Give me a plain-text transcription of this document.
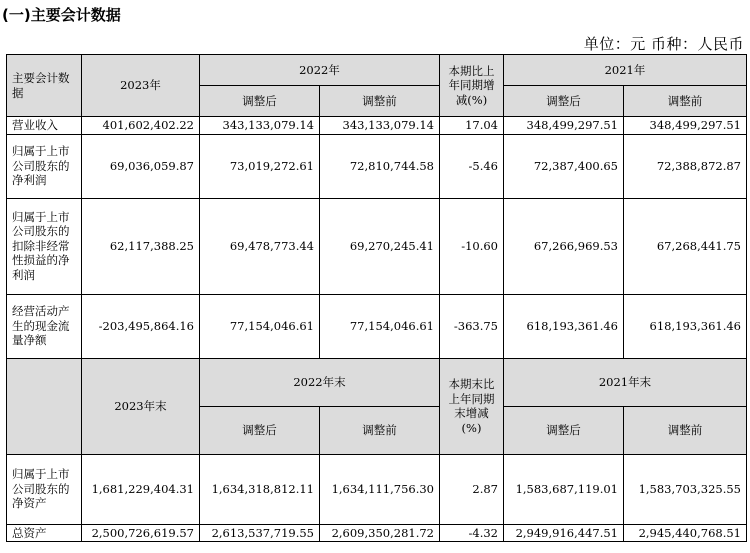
(一)主要会计数据
单位：元 币种：人民币
主要会计数据	2023年	2022年		本期比上年同期增减(%)	2021年	
		调整后	调整前		调整后	调整前
营业收入	401,602,402.22	343,133,079.14	343,133,079.14	17.04	348,499,297.51	348,499,297.51
归属于上市公司股东的净利润	69,036,059.87	73,019,272.61	72,810,744.58	-5.46	72,387,400.65	72,388,872.87
归属于上市公司股东的扣除非经常性损益的净利润	62,117,388.25	69,478,773.44	69,270,245.41	-10.60	67,266,969.53	67,268,441.75
经营活动产生的现金流量净额	-203,495,864.16	77,154,046.61	77,154,046.61	-363.75	618,193,361.46	618,193,361.46
	2023年末	2022年末		本期末比上年同期末增减(%)	2021年末	
		调整后	调整前		调整后	调整前
归属于上市公司股东的净资产	1,681,229,404.31	1,634,318,812.11	1,634,111,756.30	2.87	1,583,687,119.01	1,583,703,325.55
总资产	2,500,726,619.57	2,613,537,719.55	2,609,350,281.72	-4.32	2,949,916,447.51	2,945,440,768.51
